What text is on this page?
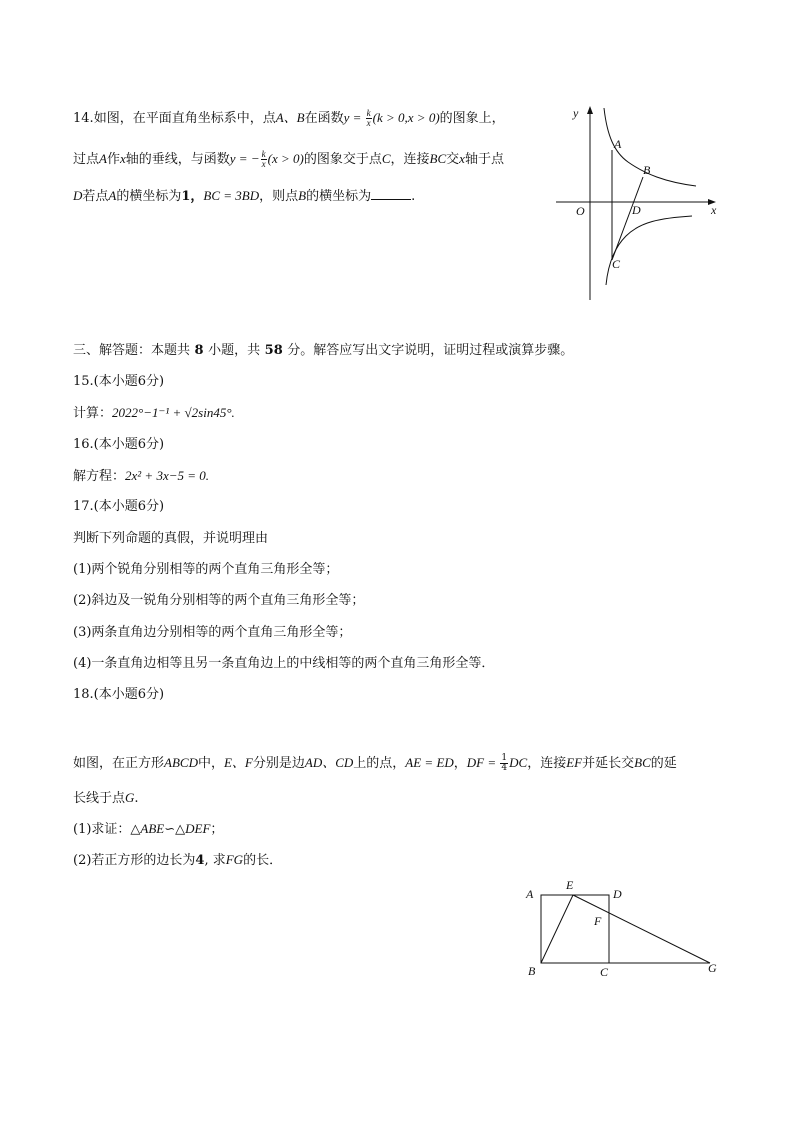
14.如图，在平面直角坐标系中，点A、B在函数$y = \frac{k}{x} (k > 0,x > 0)$的图象上，
过点A作x轴的垂线，与函数y = − $\frac{k}{x} (x > 0)$的图象交于点C，连接BC交x轴于点
D若点A的横坐标为1，BC = 3BD，则点B的横坐标为	.
y
x
O
A
B
D
C
三、解答题：本题共 8 小题，共 58 分。解答应写出文字说明，证明过程或演算步骤。
15.(本小题6分)
计算：2022°−1⁻¹ + √2sin45°.
16.(本小题6分)
解方程：2x² + 3x−5 = 0.
17.(本小题6分)
判断下列命题的真假，并说明理由
(1)两个锐角分别相等的两个直角三角形全等；
(2)斜边及一锐角分别相等的两个直角三角形全等；
(3)两条直角边分别相等的两个直角三角形全等；
(4)一条直角边相等且另一条直角边上的中线相等的两个直角三角形全等．
18.(本小题6分)
如图，在正方形ABCD中，E、F分别是边AD、CD上的点，AE = ED，DF = $\frac{1}{4}$ DC，连接EF并延长交BC的延
长线于点G.
(1)求证：△ABE∽△DEF；
(2)若正方形的边长为4, 求FG的长．
A
E
D
F
B	C	G
